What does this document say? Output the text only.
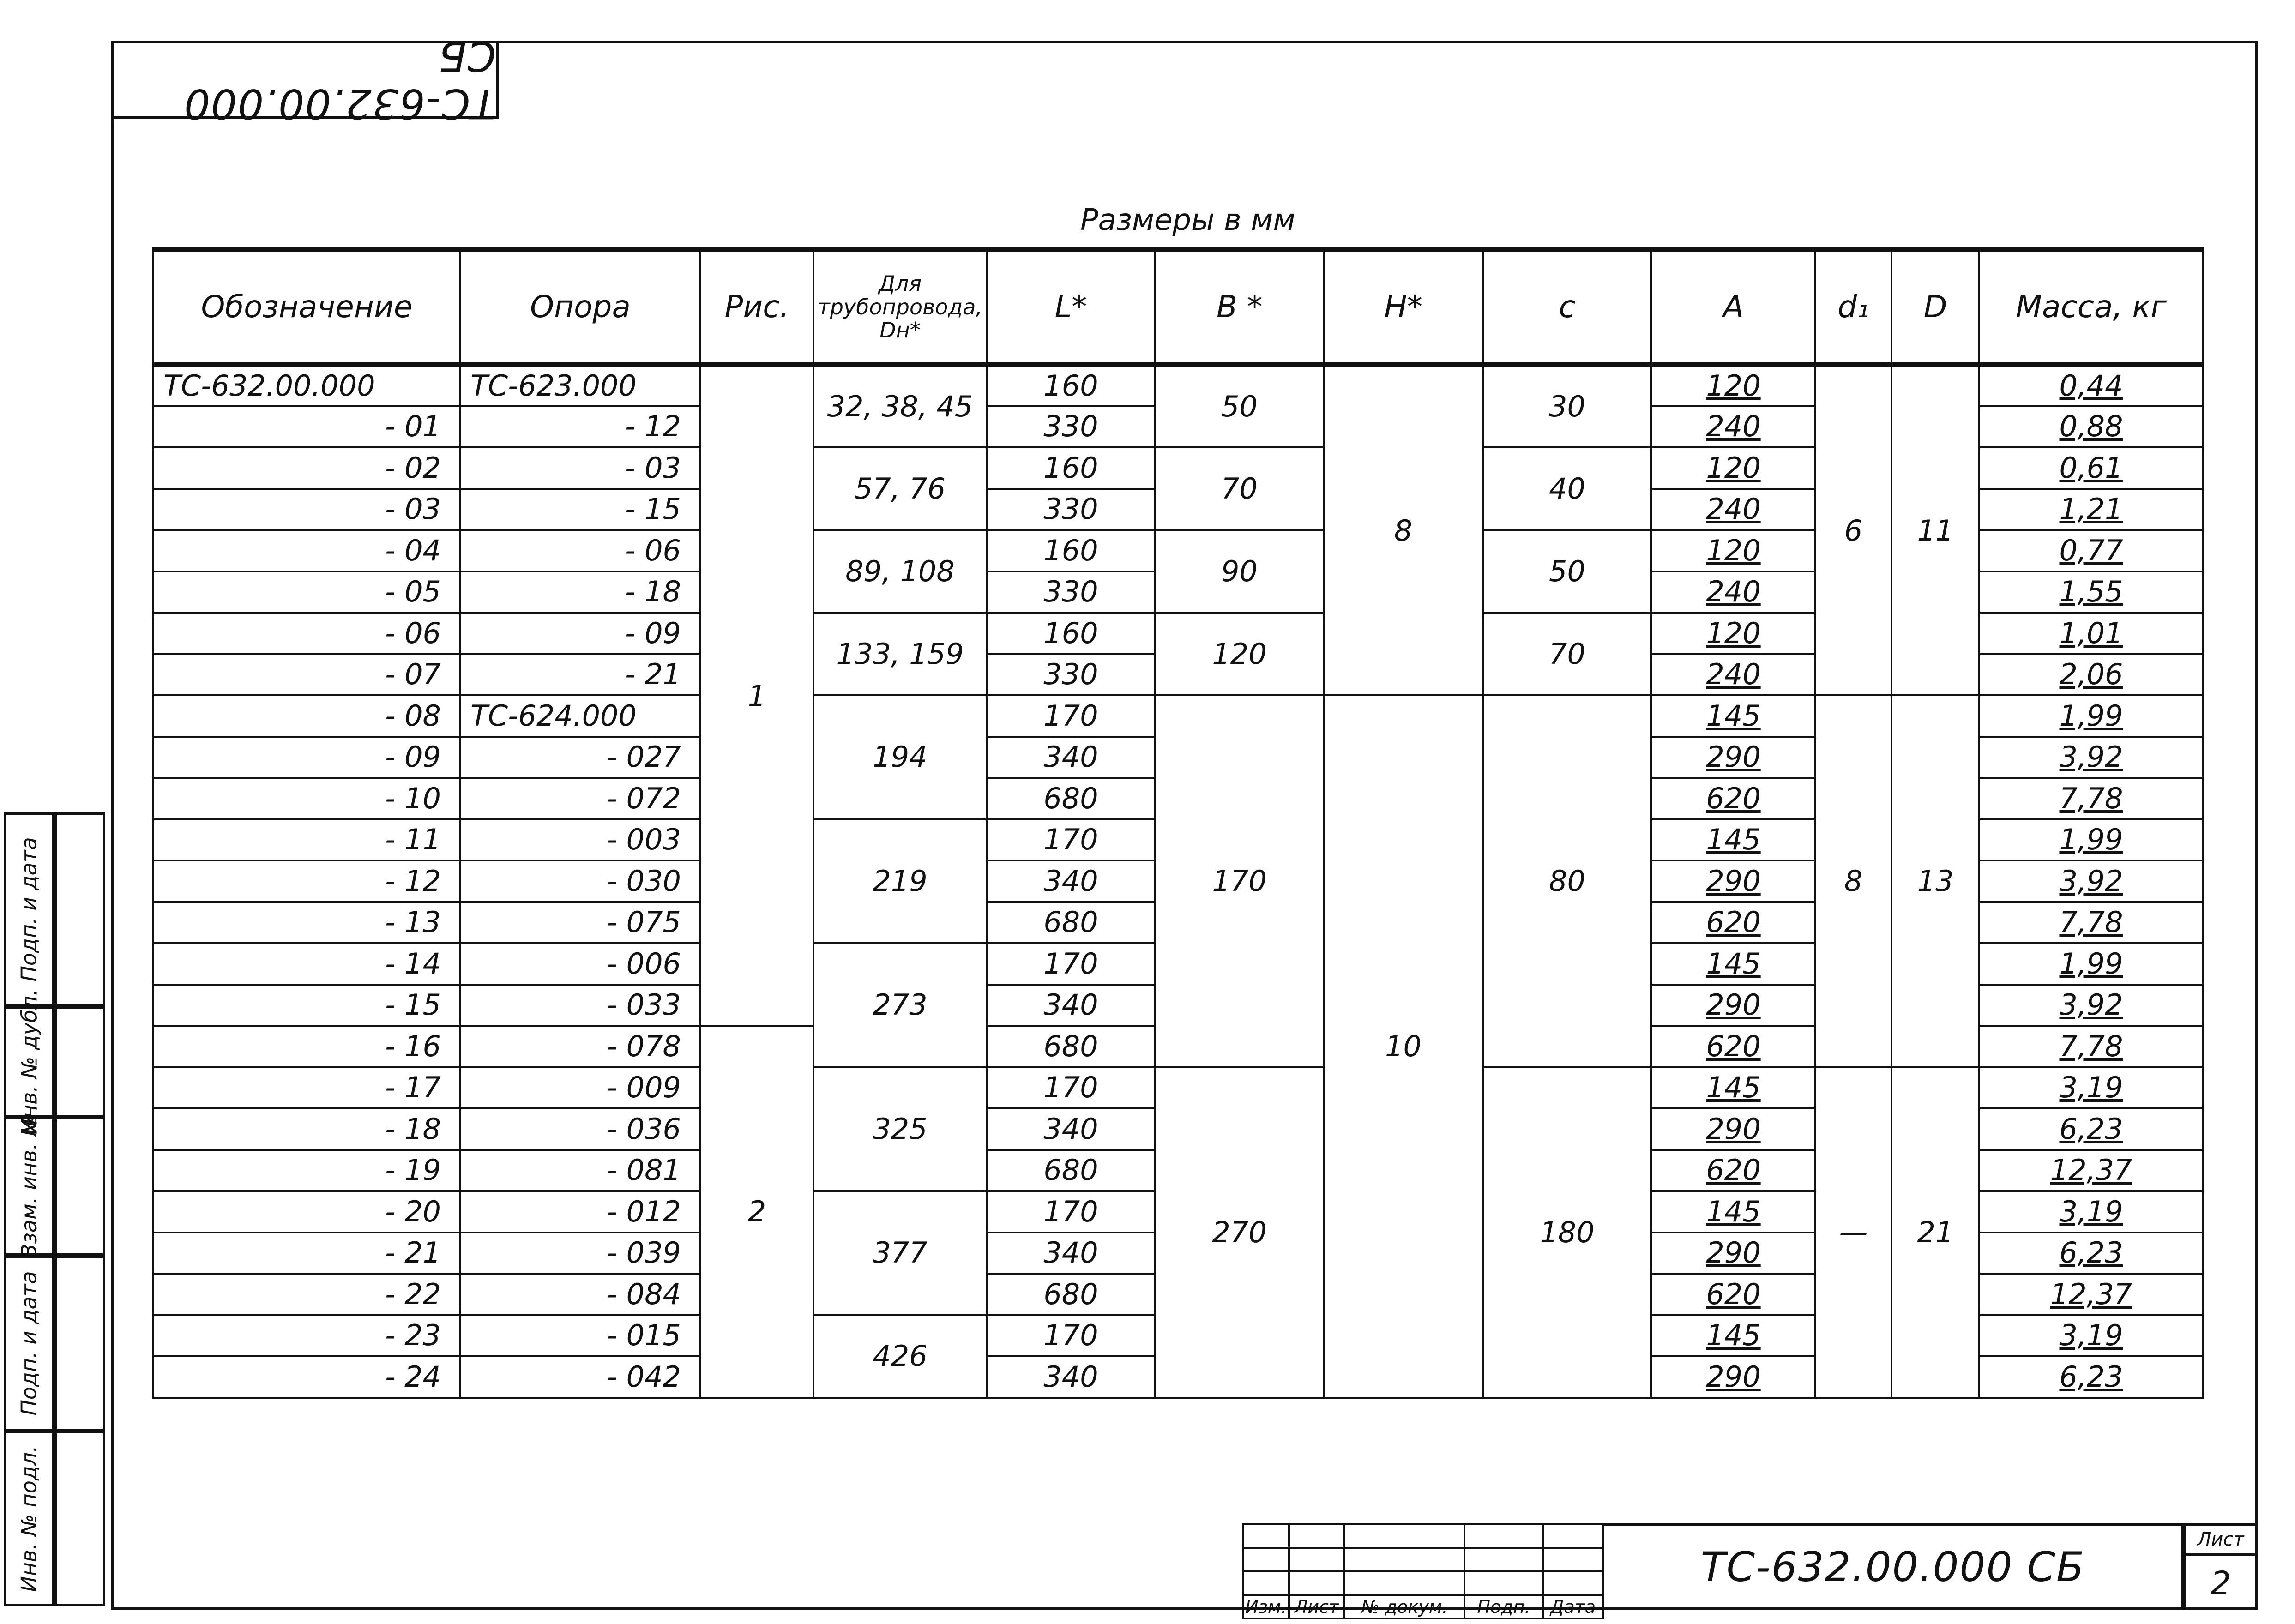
ТС-632.00.000 СБ
Размеры в мм
Обозначение	Опора	Рис.	Для трубопровода, Dн*	L*	B *	H*	c	A	d₁	D	Масса, кг
ТС-632.00.000	ТС-623.000	1	32, 38, 45	160	50	8	30	120	6	11	0,44
- 01	- 12			330				240			0,88
- 02	- 03		57, 76	160	70		40	120			0,61
- 03	- 15			330				240			1,21
- 04	- 06		89, 108	160	90		50	120			0,77
- 05	- 18			330				240			1,55
- 06	- 09		133, 159	160	120		70	120			1,01
- 07	- 21			330				240			2,06
- 08	ТС-624.000		194	170	170	10	80	145	8	13	1,99
- 09	- 027			340				290			3,92
- 10	- 072			680				620			7,78
- 11	- 003		219	170				145			1,99
- 12	- 030			340				290			3,92
- 13	- 075			680				620			7,78
- 14	- 006		273	170				145			1,99
- 15	- 033			340				290			3,92
- 16	- 078	2		680				620			7,78
- 17	- 009		325	170	270		180	145	—	21	3,19
- 18	- 036			340				290			6,23
- 19	- 081			680				620			12,37
- 20	- 012		377	170				145			3,19
- 21	- 039			340				290			6,23
- 22	- 084			680				620			12,37
- 23	- 015		426	170				145			3,19
- 24	- 042			340				290			6,23
Инв. № подл.
Подп. и дата
Взам. инв. №
Инв. № дубл.
Подп. и дата

Изм.	Лист	№ докум.	Подп.	Дата
ТС-632.00.000 СБ
Лист
2
